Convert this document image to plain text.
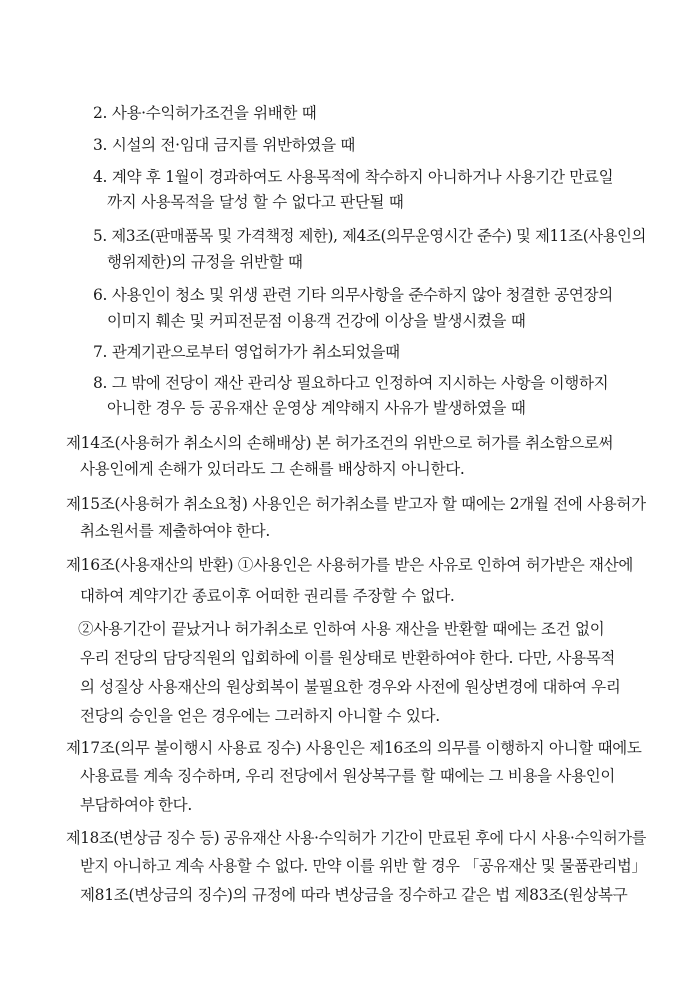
2. 사용·수익허가조건을 위배한 때
3. 시설의 전·임대 금지를 위반하였을 때
4. 계약 후 1월이 경과하여도 사용목적에 착수하지 아니하거나 사용기간 만료일
까지 사용목적을 달성 할 수 없다고 판단될 때
5. 제3조(판매품목 및 가격책정 제한), 제4조(의무운영시간 준수) 및 제11조(사용인의
행위제한)의 규정을 위반할 때
6. 사용인이 청소 및 위생 관련 기타 의무사항을 준수하지 않아 청결한 공연장의
이미지 훼손 및 커피전문점 이용객 건강에 이상을 발생시켰을 때
7. 관계기관으로부터 영업허가가 취소되었을때
8. 그 밖에 전당이 재산 관리상 필요하다고 인정하여 지시하는 사항을 이행하지
아니한 경우 등 공유재산 운영상 계약해지 사유가 발생하였을 때
제14조(사용허가 취소시의 손해배상) 본 허가조건의 위반으로 허가를 취소함으로써
사용인에게 손해가 있더라도 그 손해를 배상하지 아니한다.
제15조(사용허가 취소요청) 사용인은 허가취소를 받고자 할 때에는 2개월 전에 사용허가
취소원서를 제출하여야 한다.
제16조(사용재산의 반환) ①사용인은 사용허가를 받은 사유로 인하여 허가받은 재산에
대하여 계약기간 종료이후 어떠한 권리를 주장할 수 없다.
②사용기간이 끝났거나 허가취소로 인하여 사용 재산을 반환할 때에는 조건 없이
우리 전당의 담당직원의 입회하에 이를 원상태로 반환하여야 한다. 다만, 사용목적
의 성질상 사용재산의 원상회복이 불필요한 경우와 사전에 원상변경에 대하여 우리
전당의 승인을 얻은 경우에는 그러하지 아니할 수 있다.
제17조(의무 불이행시 사용료 징수) 사용인은 제16조의 의무를 이행하지 아니할 때에도
사용료를 계속 징수하며, 우리 전당에서 원상복구를 할 때에는 그 비용을 사용인이
부담하여야 한다.
제18조(변상금 징수 등) 공유재산 사용·수익허가 기간이 만료된 후에 다시 사용·수익허가를
받지 아니하고 계속 사용할 수 없다. 만약 이를 위반 할 경우 「공유재산 및 물품관리법」
제81조(변상금의 징수)의 규정에 따라 변상금을 징수하고 같은 법 제83조(원상복구
